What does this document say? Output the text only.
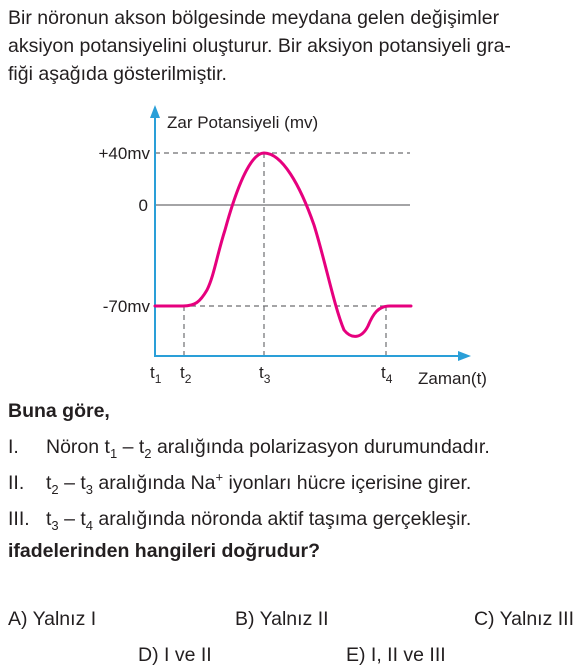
Bir nöronun akson bölgesinde meydana gelen değişimler
aksiyon potansiyelini oluşturur. Bir aksiyon potansiyeli gra-
fiği aşağıda gösterilmiştir.
Zar Potansiyeli (mv)
Zaman(t)
+40mv
0
-70mv
$t_1$ $t_2$	$t_3$	$t_4$
Buna göre,
I. Nöron $t_1 - t_2$ aralığında polarizasyon durumundadır.
II. $t_2 - t_3$ aralığında Na+ iyonları hücre içerisine girer.
III. $t_3 - t_4$ aralığında nöronda aktif taşıma gerçekleşir.
ifadelerinden hangileri doğrudur?
A) Yalnız I	B) Yalnız II	C) Yalnız III
D) I ve II	E) I, II ve III
